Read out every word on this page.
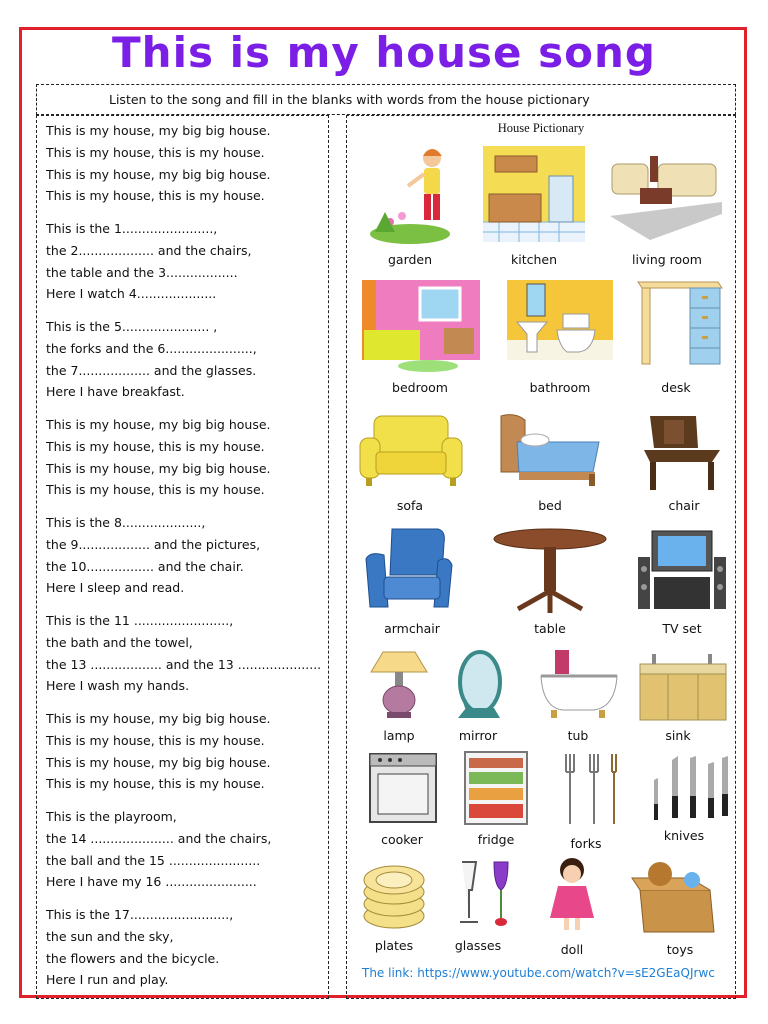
This is my house song
Listen to the song and fill in the blanks with words from the house pictionary
This is my house, my big big house.
This is my house, this is my house.
This is my house, my big big house.
This is my house, this is my house.
This is the 1.......................,
the 2................... and the chairs,
the table and the 3..................
Here I watch 4....................
This is the 5...................... ,
the forks and the 6......................,
the 7.................. and the glasses.
Here I have breakfast.
This is my house, my big big house.
This is my house, this is my house.
This is my house, my big big house.
This is my house, this is my house.
This is the 8....................,
the 9.................. and the pictures,
the 10................. and the chair.
Here I sleep and read.
This is the 11 ........................,
the bath and the towel,
the 13 .................. and the 13 .....................
Here I wash my hands.
This is my house, my big big house.
This is my house, this is my house.
This is my house, my big big house.
This is my house, this is my house.
This is the playroom,
the 14 ..................... and the chairs,
the ball and the 15 .......................
Here I have my 16 .......................
This is the 17.........................,
the sun and the sky,
the flowers and the bicycle.
Here I run and play.
House Pictionary
garden	kitchen	living room
bedroom	bathroom	desk
sofa	bed	chair
armchair	table	TV set
lamp	mirror	tub	sink
cooker	fridge	forks
knives
plates	glasses	doll	toys
The link: https://www.youtube.com/watch?v=sE2GEaQJrwc
